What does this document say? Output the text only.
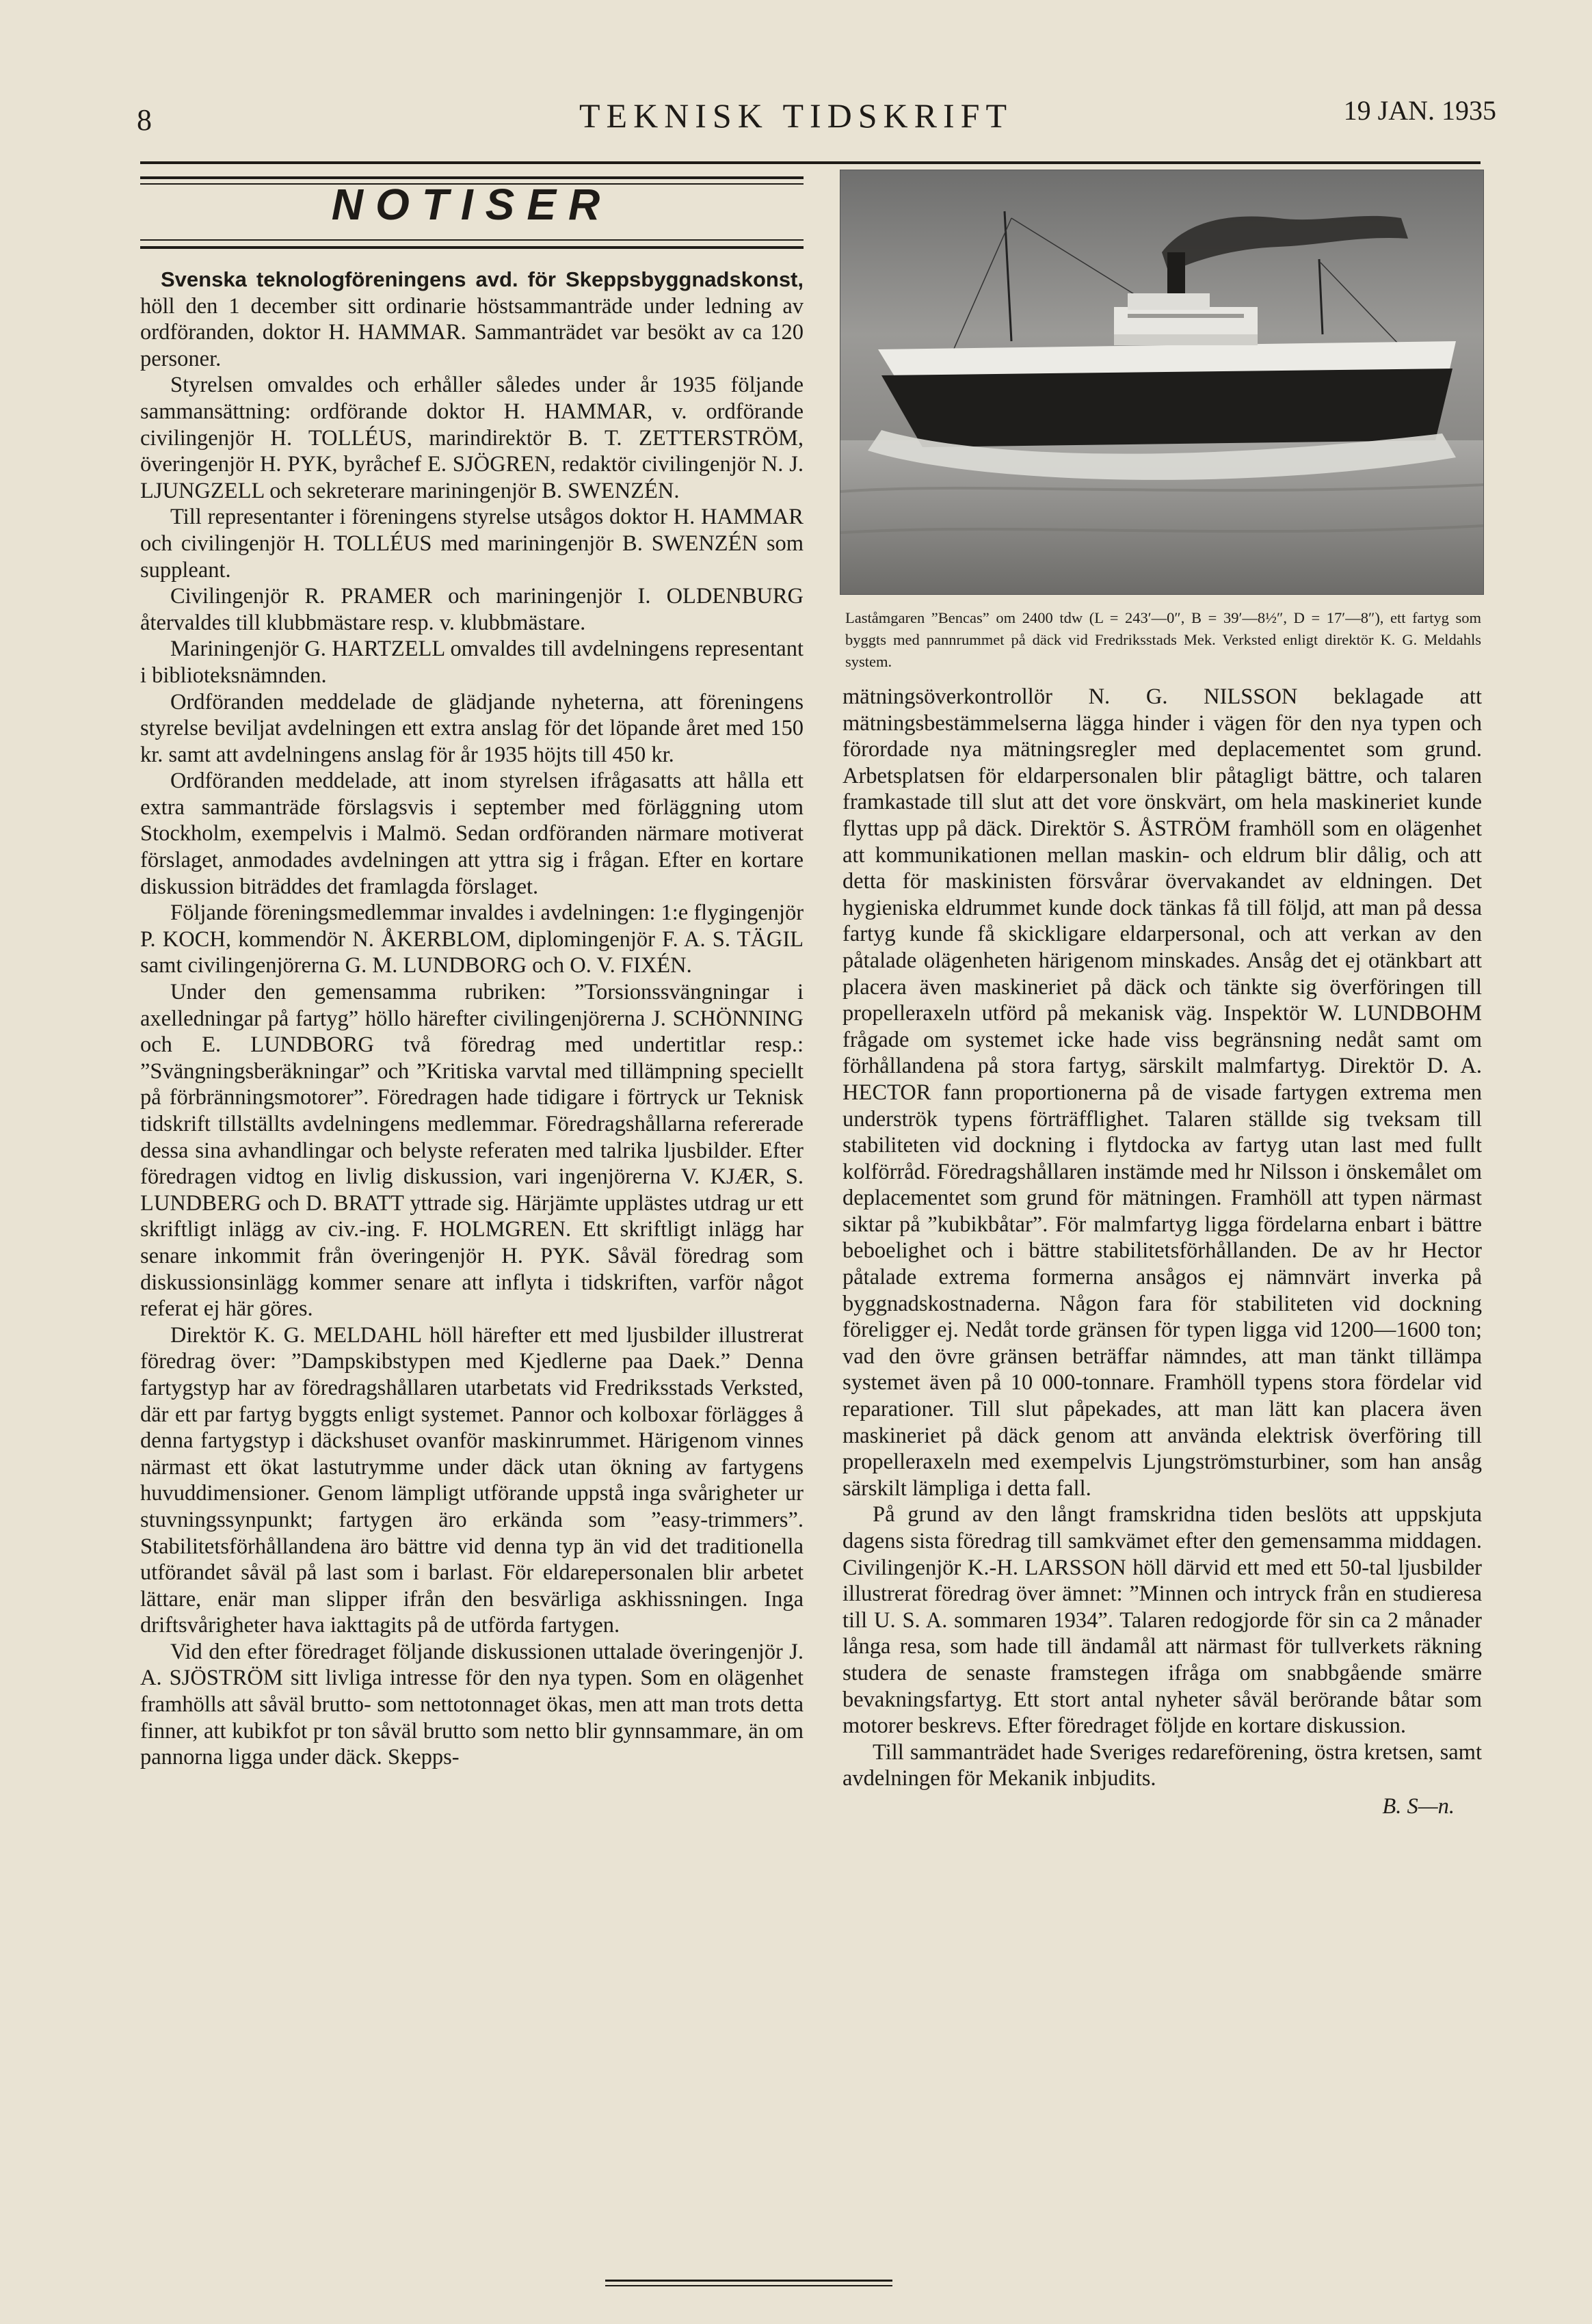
8	TEKNISK TIDSKRIFT	19 JAN. 1935
NOTISER

Svenska teknologföreningens avd. för Skeppsbyggnadskonst, höll den 1 december sitt ordinarie höstsammanträde under ledning av ordföranden, doktor H. HAMMAR. Sammanträdet var besökt av ca 120 personer.

Styrelsen omvaldes och erhåller således under år 1935 följande sammansättning: ordförande doktor H. HAMMAR, v. ordförande civilingenjör H. TOLLÉUS, marindirektör B. T. ZETTERSTRÖM, överingenjör H. PYK, byråchef E. SJÖGREN, redaktör civilingenjör N. J. LJUNGZELL och sekreterare mariningenjör B. SWENZÉN.

Till representanter i föreningens styrelse utsågos doktor H. HAMMAR och civilingenjör H. TOLLÉUS med mariningenjör B. SWENZÉN som suppleant.

Civilingenjör R. PRAMER och mariningenjör I. OLDENBURG återvaldes till klubbmästare resp. v. klubbmästare.

Mariningenjör G. HARTZELL omvaldes till avdelningens representant i biblioteksnämnden.

Ordföranden meddelade de glädjande nyheterna, att föreningens styrelse beviljat avdelningen ett extra anslag för det löpande året med 150 kr. samt att avdelningens anslag för år 1935 höjts till 450 kr.

Ordföranden meddelade, att inom styrelsen ifrågasatts att hålla ett extra sammanträde förslagsvis i september med förläggning utom Stockholm, exempelvis i Malmö. Sedan ordföranden närmare motiverat förslaget, anmodades avdelningen att yttra sig i frågan. Efter en kortare diskussion biträddes det framlagda förslaget.

Följande föreningsmedlemmar invaldes i avdelningen: 1:e flygingenjör P. KOCH, kommendör N. ÅKERBLOM, diplomingenjör F. A. S. TÄGIL samt civilingenjörerna G. M. LUNDBORG och O. V. FIXÉN.

Under den gemensamma rubriken: ”Torsionssvängningar i axelledningar på fartyg” höllo härefter civilingenjörerna J. SCHÖNNING och E. LUNDBORG två föredrag med undertitlar resp.: ”Svängningsberäkningar” och ”Kritiska varvtal med tillämpning speciellt på förbränningsmotorer”. Föredragen hade tidigare i förtryck ur Teknisk tidskrift tillställts avdelningens medlemmar. Föredragshållarna refererade dessa sina avhandlingar och belyste referaten med talrika ljusbilder. Efter föredragen vidtog en livlig diskussion, vari ingenjörerna V. KJÆR, S. LUNDBERG och D. BRATT yttrade sig. Härjämte upplästes utdrag ur ett skriftligt inlägg av civ.-ing. F. HOLMGREN. Ett skriftligt inlägg har senare inkommit från överingenjör H. PYK. Såväl föredrag som diskussionsinlägg kommer senare att inflyta i tidskriften, varför något referat ej här göres.

Direktör K. G. MELDAHL höll härefter ett med ljusbilder illustrerat föredrag över: ”Dampskibstypen med Kjedlerne paa Daek.” Denna fartygstyp har av föredragshållaren utarbetats vid Fredriksstads Verksted, där ett par fartyg byggts enligt systemet. Pannor och kolboxar förlägges å denna fartygstyp i däckshuset ovanför maskinrummet. Härigenom vinnes närmast ett ökat lastutrymme under däck utan ökning av fartygens huvuddimensioner. Genom lämpligt utförande uppstå inga svårigheter ur stuvningssynpunkt; fartygen äro erkända som ”easy-trimmers”. Stabilitetsförhållandena äro bättre vid denna typ än vid det traditionella utförandet såväl på last som i barlast. För eldarepersonalen blir arbetet lättare, enär man slipper ifrån den besvärliga askhissningen. Inga driftsvårigheter hava iakttagits på de utförda fartygen.

Vid den efter föredraget följande diskussionen uttalade överingenjör J. A. SJÖSTRÖM sitt livliga intresse för den nya typen. Som en olägenhet framhölls att såväl brutto- som nettotonnaget ökas, men att man trots detta finner, att kubikfot pr ton såväl brutto som netto blir gynnsammare, än om pannorna ligga under däck. Skepps-

Laståmgaren ”Bencas” om 2400 tdw (L = 243′—0″, B = 39′—8½″, D = 17′—8″), ett fartyg som byggts med pannrummet på däck vid Fredriksstads Mek. Verksted enligt direktör K. G. Meldahls system.

mätningsöverkontrollör N. G. NILSSON beklagade att mätningsbestämmelserna lägga hinder i vägen för den nya typen och förordade nya mätningsregler med deplacementet som grund. Arbetsplatsen för eldarpersonalen blir påtagligt bättre, och talaren framkastade till slut att det vore önskvärt, om hela maskineriet kunde flyttas upp på däck. Direktör S. ÅSTRÖM framhöll som en olägenhet att kommunikationen mellan maskin- och eldrum blir dålig, och att detta för maskinisten försvårar övervakandet av eldningen. Det hygieniska eldrummet kunde dock tänkas få till följd, att man på dessa fartyg kunde få skickligare eldarpersonal, och att verkan av den påtalade olägenheten härigenom minskades. Ansåg det ej otänkbart att placera även maskineriet på däck och tänkte sig överföringen till propelleraxeln utförd på mekanisk väg. Inspektör W. LUNDBOHM frågade om systemet icke hade viss begränsning nedåt samt om förhållandena på stora fartyg, särskilt malmfartyg. Direktör D. A. HECTOR fann proportionerna på de visade fartygen extrema men underströk typens förträfflighet. Talaren ställde sig tveksam till stabiliteten vid dockning i flytdocka av fartyg utan last med fullt kolförråd. Föredragshållaren instämde med hr Nilsson i önskemålet om deplacementet som grund för mätningen. Framhöll att typen närmast siktar på ”kubikbåtar”. För malmfartyg ligga fördelarna enbart i bättre beboelighet och i bättre stabilitetsförhållanden. De av hr Hector påtalade extrema formerna ansågos ej nämnvärt inverka på byggnadskostnaderna. Någon fara för stabiliteten vid dockning föreligger ej. Nedåt torde gränsen för typen ligga vid 1200—1600 ton; vad den övre gränsen beträffar nämndes, att man tänkt tillämpa systemet även på 10 000-tonnare. Framhöll typens stora fördelar vid reparationer. Till slut påpekades, att man lätt kan placera även maskineriet på däck genom att använda elektrisk överföring till propelleraxeln med exempelvis Ljungströmsturbiner, som han ansåg särskilt lämpliga i detta fall.

På grund av den långt framskridna tiden beslöts att uppskjuta dagens sista föredrag till samkvämet efter den gemensamma middagen. Civilingenjör K.-H. LARSSON höll därvid ett med ett 50-tal ljusbilder illustrerat föredrag över ämnet: ”Minnen och intryck från en studieresa till U. S. A. sommaren 1934”. Talaren redogjorde för sin ca 2 månader långa resa, som hade till ändamål att närmast för tullverkets räkning studera de senaste framstegen ifråga om snabbgående smärre bevakningsfartyg. Ett stort antal nyheter såväl berörande båtar som motorer beskrevs. Efter föredraget följde en kortare diskussion.

Till sammanträdet hade Sveriges redareförening, östra kretsen, samt avdelningen för Mekanik inbjudits.

B. S—n.
